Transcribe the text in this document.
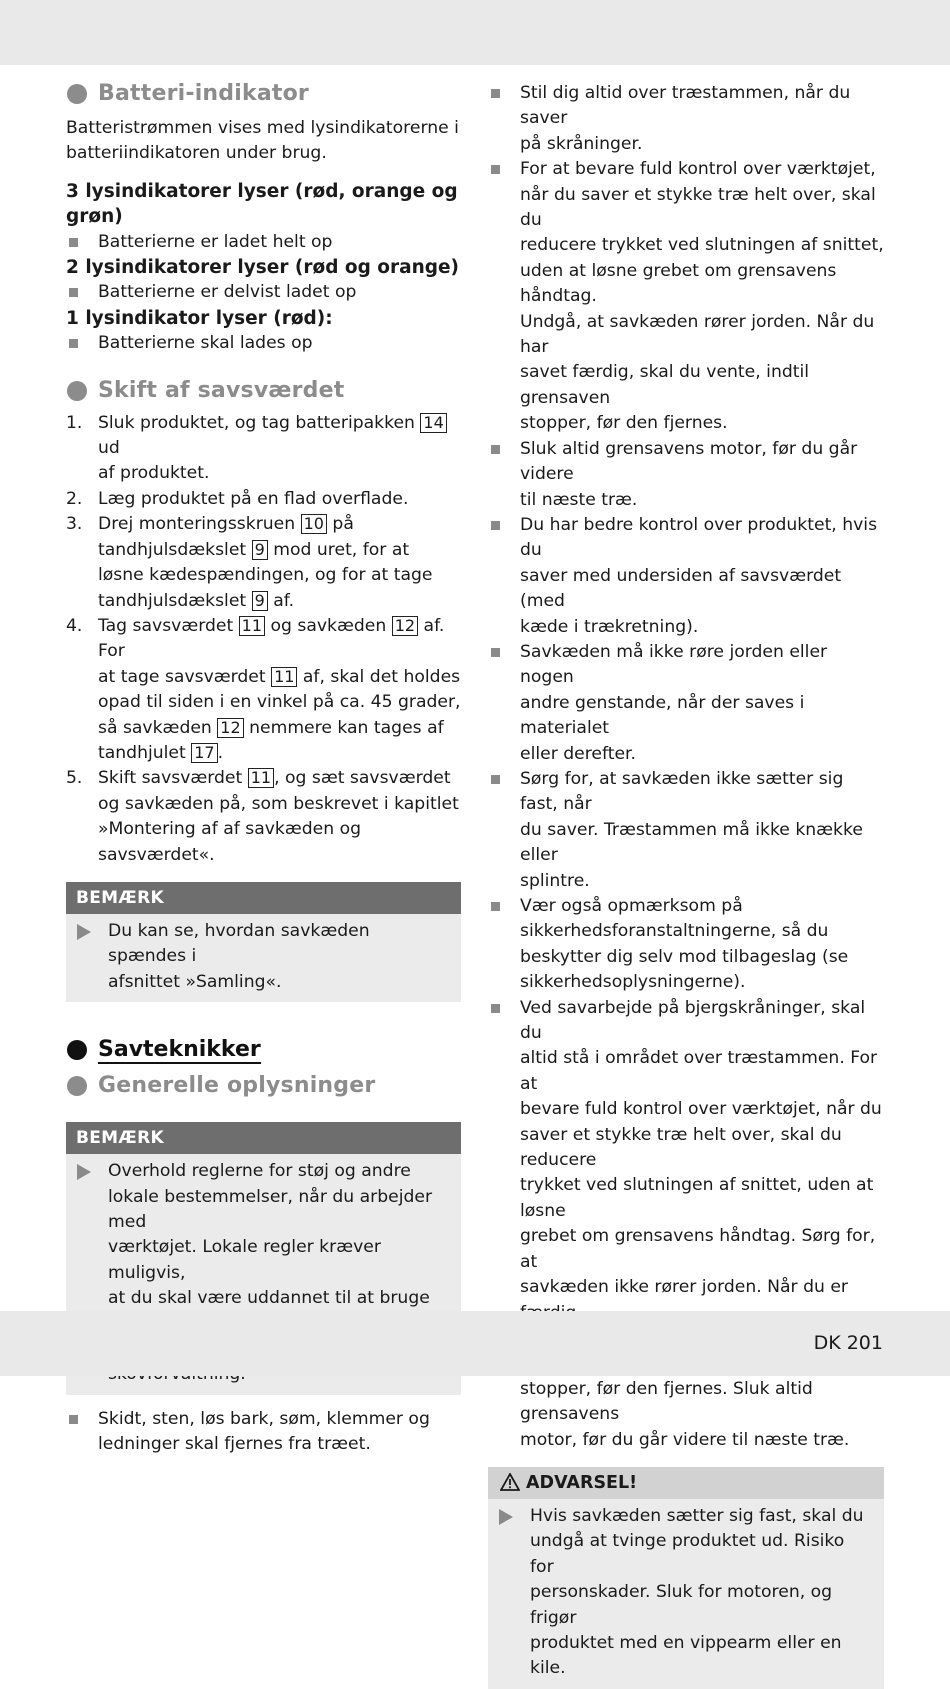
Batteri-indikator

Batteristrømmen vises med lysindikatorerne i
batteriindikatoren under brug.

3 lysindikatorer lyser (rød, orange og
grøn)
Batterierne er ladet helt op
2 lysindikatorer lyser (rød og orange)
Batterierne er delvist ladet op
1 lysindikator lyser (rød):
Batterierne skal lades op
Skift af savsværdet
1. Sluk produktet, og tag batteripakken 14 ud
af produktet.
2. Læg produktet på en flad overflade.
3. Drej monteringsskruen 10 på
tandhjulsdækslet 9 mod uret, for at
løsne kædespændingen, og for at tage
tandhjulsdækslet 9 af.
4. Tag savsværdet 11 og savkæden 12 af. For
at tage savsværdet 11 af, skal det holdes
opad til siden i en vinkel på ca. 45 grader,
så savkæden 12 nemmere kan tages af
tandhjulet 17 .
5. Skift savsværdet 11 , og sæt savsværdet
og savkæden på, som beskrevet i kapitlet
»Montering af af savkæden og savsværdet«.
BEMÆRK
Du kan se, hvordan savkæden spændes i
afsnittet »Samling«.
Savteknikker
Generelle oplysninger
BEMÆRK
Overhold reglerne for støj og andre
lokale bestemmelser, når du arbejder med
værktøjet. Lokale regler kræver muligvis,
at du skal være uddannet til at bruge

Skidt, sten, løs bark, søm, klemmer og
ledninger skal fjernes fra træet.
Stil dig altid over træstammen, når du saver
på skråninger.
For at bevare fuld kontrol over værktøjet,
når du saver et stykke træ helt over, skal du
reducere trykket ved slutningen af snittet,
uden at løsne grebet om grensavens håndtag.
Undgå, at savkæden rører jorden. Når du har
savet færdig, skal du vente, indtil grensaven
stopper, før den fjernes.
Sluk altid grensavens motor, før du går videre
til næste træ.
Du har bedre kontrol over produktet, hvis du
saver med undersiden af savsværdet (med
kæde i trækretning).
Savkæden må ikke røre jorden eller nogen
andre genstande, når der saves i materialet
eller derefter.
Sørg for, at savkæden ikke sætter sig fast, når
du saver. Træstammen må ikke knække eller
splintre.
Vær også opmærksom på
sikkerhedsforanstaltningerne, så du
beskytter dig selv mod tilbageslag (se
sikkerhedsoplysningerne).
Ved savarbejde på bjergskråninger, skal du
altid stå i området over træstammen. For at
bevare fuld kontrol over værktøjet, når du
saver et stykke træ helt over, skal du reducere
trykket ved slutningen af snittet, uden at løsne
grebet om grensavens håndtag. Sørg for, at
savkæden ikke rører jorden. Når du er

stopper, før den fjernes. Sluk altid grensavens
motor, før du går videre til næste træ.
ADVARSEL!
Hvis savkæden sætter sig fast, skal du
undgå at tvinge produktet ud. Risiko for
personskader. Sluk for motoren, og frigør
produktet med en vippearm eller en kile.
DK 201
